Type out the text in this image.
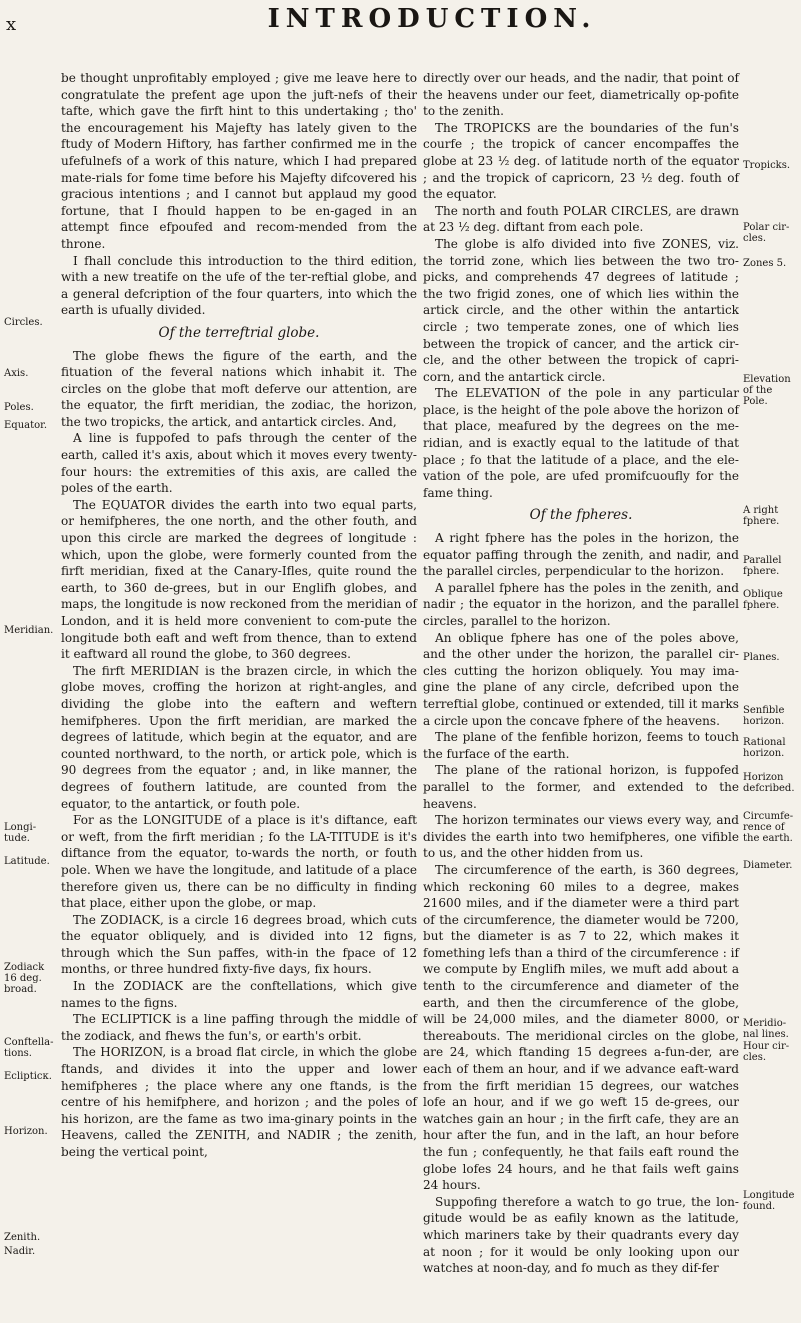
x	INTRODUCTION.

be thought unprofitably employed ; give me leave here to congratulate the prefent age upon the juft-nefs of their tafte, which gave the firft hint to this undertaking ; tho' the encouragement his Majefty has lately given to the ftudy of Modern Hiftory, has farther confirmed me in the ufefulnefs of a work of this nature, which I had prepared mate-rials for fome time before his Majefty difcovered his gracious intentions ; and I cannot but applaud my good fortune, that I fhould happen to be en-gaged in an attempt fince efpoufed and recom-mended from the throne.

I fhall conclude this introduction to the third edition, with a new treatife on the ufe of the ter-reftial globe, and a general defcription of the four quarters, into which the earth is ufually divided.

Of the terreftrial globe.

The globe fhews the figure of the earth, and the fituation of the feveral nations which inhabit it. The circles on the globe that moft deferve our attention, are the equator, the firft meridian, the zodiac, the horizon, the two tropicks, the artick, and antartick circles. And,

A line is fuppofed to pafs through the center of the earth, called it's axis, about which it moves every twenty-four hours: the extremities of this axis, are called the poles of the earth.

The EQUATOR divides the earth into two equal parts, or hemifpheres, the one north, and the other fouth, and upon this circle are marked the degrees of longitude : which, upon the globe, were formerly counted from the firft meridian, fixed at the Canary-Ifles, quite round the earth, to 360 de-grees, but in our Englifh globes, and maps, the longitude is now reckoned from the meridian of London, and it is held more convenient to com-pute the longitude both eaft and weft from thence, than to extend it eaftward all round the globe, to 360 degrees.

The firft MERIDIAN is the brazen circle, in which the globe moves, croffing the horizon at right-angles, and dividing the globe into the eaftern and weftern hemifpheres. Upon the firft meridian, are marked the degrees of latitude, which begin at the equator, and are counted northward, to the north, or artick pole, which is 90 degrees from the equator ; and, in like manner, the degrees of fouthern latitude, are counted from the equator, to the antartick, or fouth pole.

For as the LONGITUDE of a place is it's diftance, eaft or weft, from the firft meridian ; fo the LA-TITUDE is it's diftance from the equator, to-wards the north, or fouth pole. When we have the longitude, and latitude of a place therefore given us, there can be no difficulty in finding that place, either upon the globe, or map.

The ZODIACK, is a circle 16 degrees broad, which cuts the equator obliquely, and is divided into 12 figns, through which the Sun paffes, with-in the fpace of 12 months, or three hundred fixty-five days, fix hours.

In the ZODIACK are the conftellations, which give names to the figns.

The ECLIPTICK is a line paffing through the middle of the zodiack, and fhews the fun's, or earth's orbit.

The HORIZON, is a broad flat circle, in which the globe ftands, and divides it into the upper and lower hemifpheres ; the place where any one ftands, is the centre of his hemifphere, and horizon ; and the poles of his horizon, are the fame as two ima-ginary points in the Heavens, called the ZENITH, and NADIR ; the zenith, being the vertical point,

directly over our heads, and the nadir, that point of the heavens under our feet, diametrically op-pofite to the zenith.

The TROPICKS are the boundaries of the fun's courfe ; the tropick of cancer encompaffes the globe at 23 ½ deg. of latitude north of the equator ; and the tropick of capricorn, 23 ½ deg. fouth of the equator.

The north and fouth POLAR CIRCLES, are drawn at 23 ½ deg. diftant from each pole.

The globe is alfo divided into five ZONES, viz. the torrid zone, which lies between the two tro-picks, and comprehends 47 degrees of latitude ; the two frigid zones, one of which lies within the artick circle, and the other within the antartick circle ; two temperate zones, one of which lies between the tropick of cancer, and the artick cir-cle, and the other between the tropick of capri-corn, and the antartick circle.

The ELEVATION of the pole in any particular place, is the height of the pole above the horizon of that place, meafured by the degrees on the me-ridian, and is exactly equal to the latitude of that place ; fo that the latitude of a place, and the ele-vation of the pole, are ufed promifcuoufly for the fame thing.

Of the fpheres.

A right fphere has the poles in the horizon, the equator paffing through the zenith, and nadir, and the parallel circles, perpendicular to the horizon.

A parallel fphere has the poles in the zenith, and nadir ; the equator in the horizon, and the parallel circles, parallel to the horizon.

An oblique fphere has one of the poles above, and the other under the horizon, the parallel cir-cles cutting the horizon obliquely. You may ima-gine the plane of any circle, defcribed upon the terreftial globe, continued or extended, till it marks a circle upon the concave fphere of the heavens.

The plane of the fenfible horizon, feems to touch the furface of the earth.

The plane of the rational horizon, is fuppofed parallel to the former, and extended to the heavens.

The horizon terminates our views every way, and divides the earth into two hemifpheres, one vifible to us, and the other hidden from us.

The circumference of the earth, is 360 degrees, which reckoning 60 miles to a degree, makes 21600 miles, and if the diameter were a third part of the circumference, the diameter would be 7200, but the diameter is as 7 to 22, which makes it fomething lefs than a third of the circumference : if we compute by Englifh miles, we muft add about a tenth to the circumference and diameter of the earth, and then the circumference of the globe, will be 24,000 miles, and the diameter 8000, or thereabouts. The meridional circles on the globe, are 24, which ftanding 15 degrees a-fun-der, are each of them an hour, and if we advance eaft-ward from the firft meridian 15 degrees, our watches lofe an hour, and if we go weft 15 de-grees, our watches gain an hour ; in the firft cafe, they are an hour after the fun, and in the laft, an hour before the fun ; confequently, he that fails eaft round the globe lofes 24 hours, and he that fails weft gains 24 hours.

Suppofing therefore a watch to go true, the lon-gitude would be as eafily known as the latitude, which mariners take by their quadrants every day at noon ; for it would be only looking upon our watches at noon-day, and fo much as they dif-fer

Circles.
Axis.
Poles.
Equator.
Meridian.
Longi-tude.
Latitude.
Zodiack 16 deg. broad.
Conftella-tions.
Eclipticк.
Horizon.
Zenith.
Nadir.
Tropicks.
Polar cir-cles.
Zones 5.
Elevation of the Pole.
A right fphere.
Parallel fphere.
Oblique fphere.
Planes.
Senfible horizon.
Rational horizon.
Horizon defcribed.
Circumfe-rence of the earth.
Diameter.
Meridio-nal lines.
Hour cir-cles.
Longitude found.
